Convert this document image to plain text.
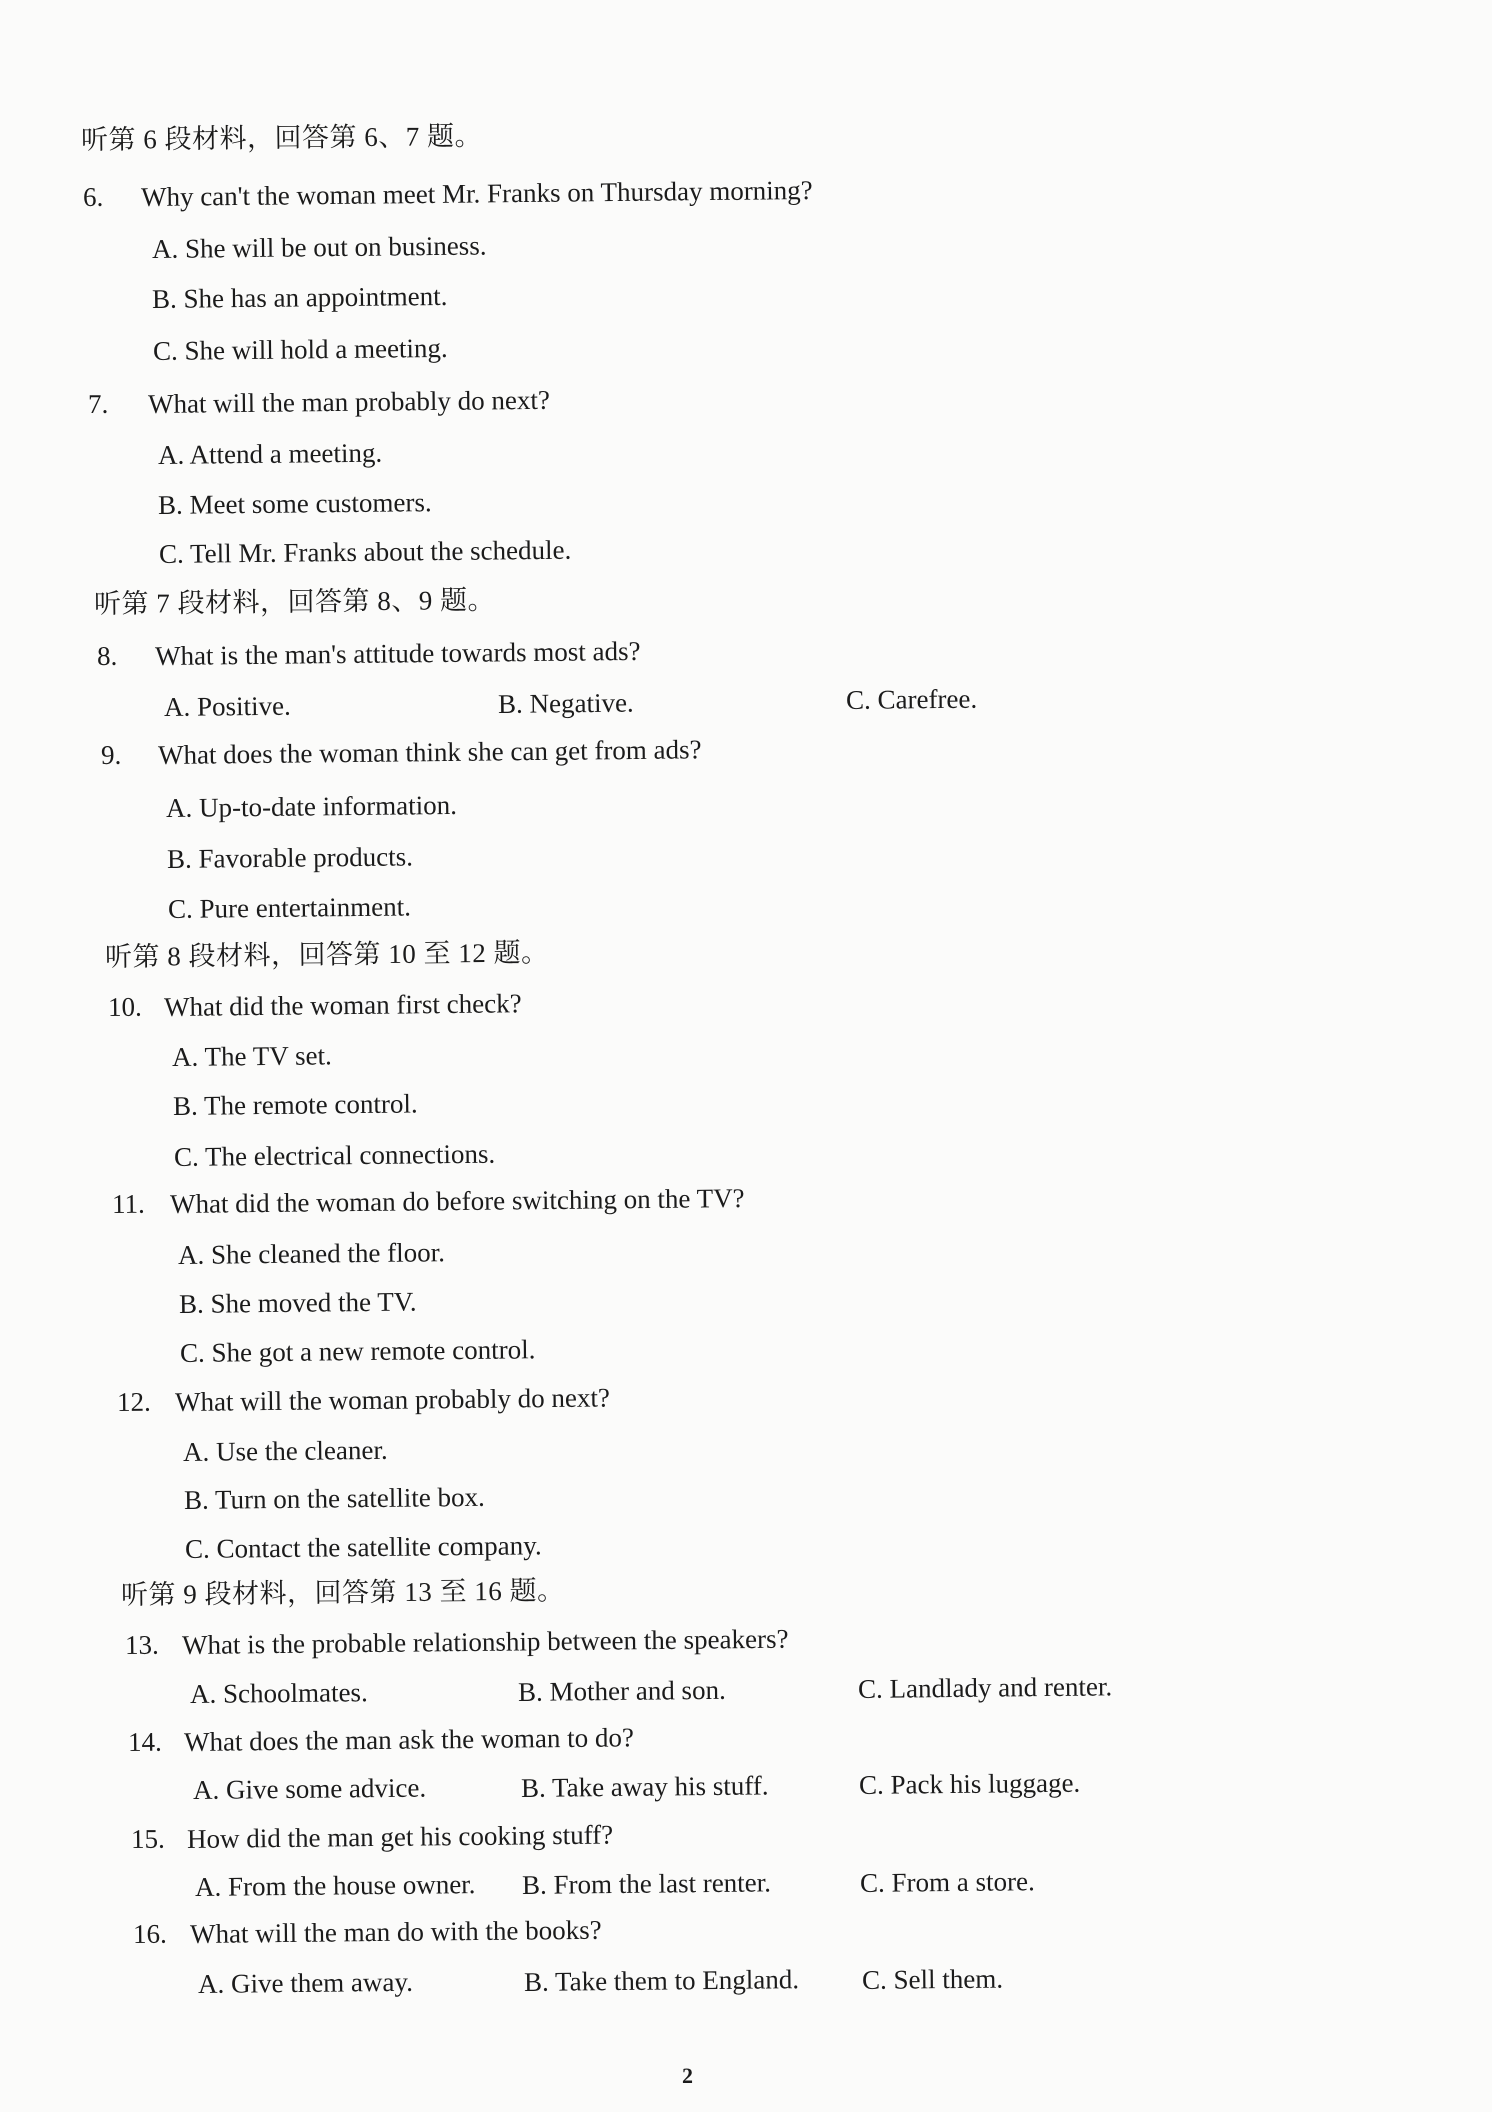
听第 6 段材料，回答第 6、7 题。
6. Why can't the woman meet Mr. Franks on Thursday morning?
A. She will be out on business.
B. She has an appointment.
C. She will hold a meeting.
7. What will the man probably do next?
A. Attend a meeting.
B. Meet some customers.
C. Tell Mr. Franks about the schedule.
听第 7 段材料，回答第 8、9 题。
8. What is the man's attitude towards most ads?
A. Positive.	B. Negative.	C. Carefree.
9. What does the woman think she can get from ads?
A. Up-to-date information.
B. Favorable products.
C. Pure entertainment.
听第 8 段材料，回答第 10 至 12 题。
10. What did the woman first check?
A. The TV set.
B. The remote control.
C. The electrical connections.
11. What did the woman do before switching on the TV?
A. She cleaned the floor.
B. She moved the TV.
C. She got a new remote control.
12. What will the woman probably do next?
A. Use the cleaner.
B. Turn on the satellite box.
C. Contact the satellite company.
听第 9 段材料，回答第 13 至 16 题。
13. What is the probable relationship between the speakers?
A. Schoolmates.	B. Mother and son.	C. Landlady and renter.
14. What does the man ask the woman to do?
A. Give some advice.	B. Take away his stuff.	C. Pack his luggage.
15. How did the man get his cooking stuff?
A. From the house owner. B. From the last renter.	C. From a store.
16. What will the man do with the books?
A. Give them away.	B. Take them to England. C. Sell them.
2
